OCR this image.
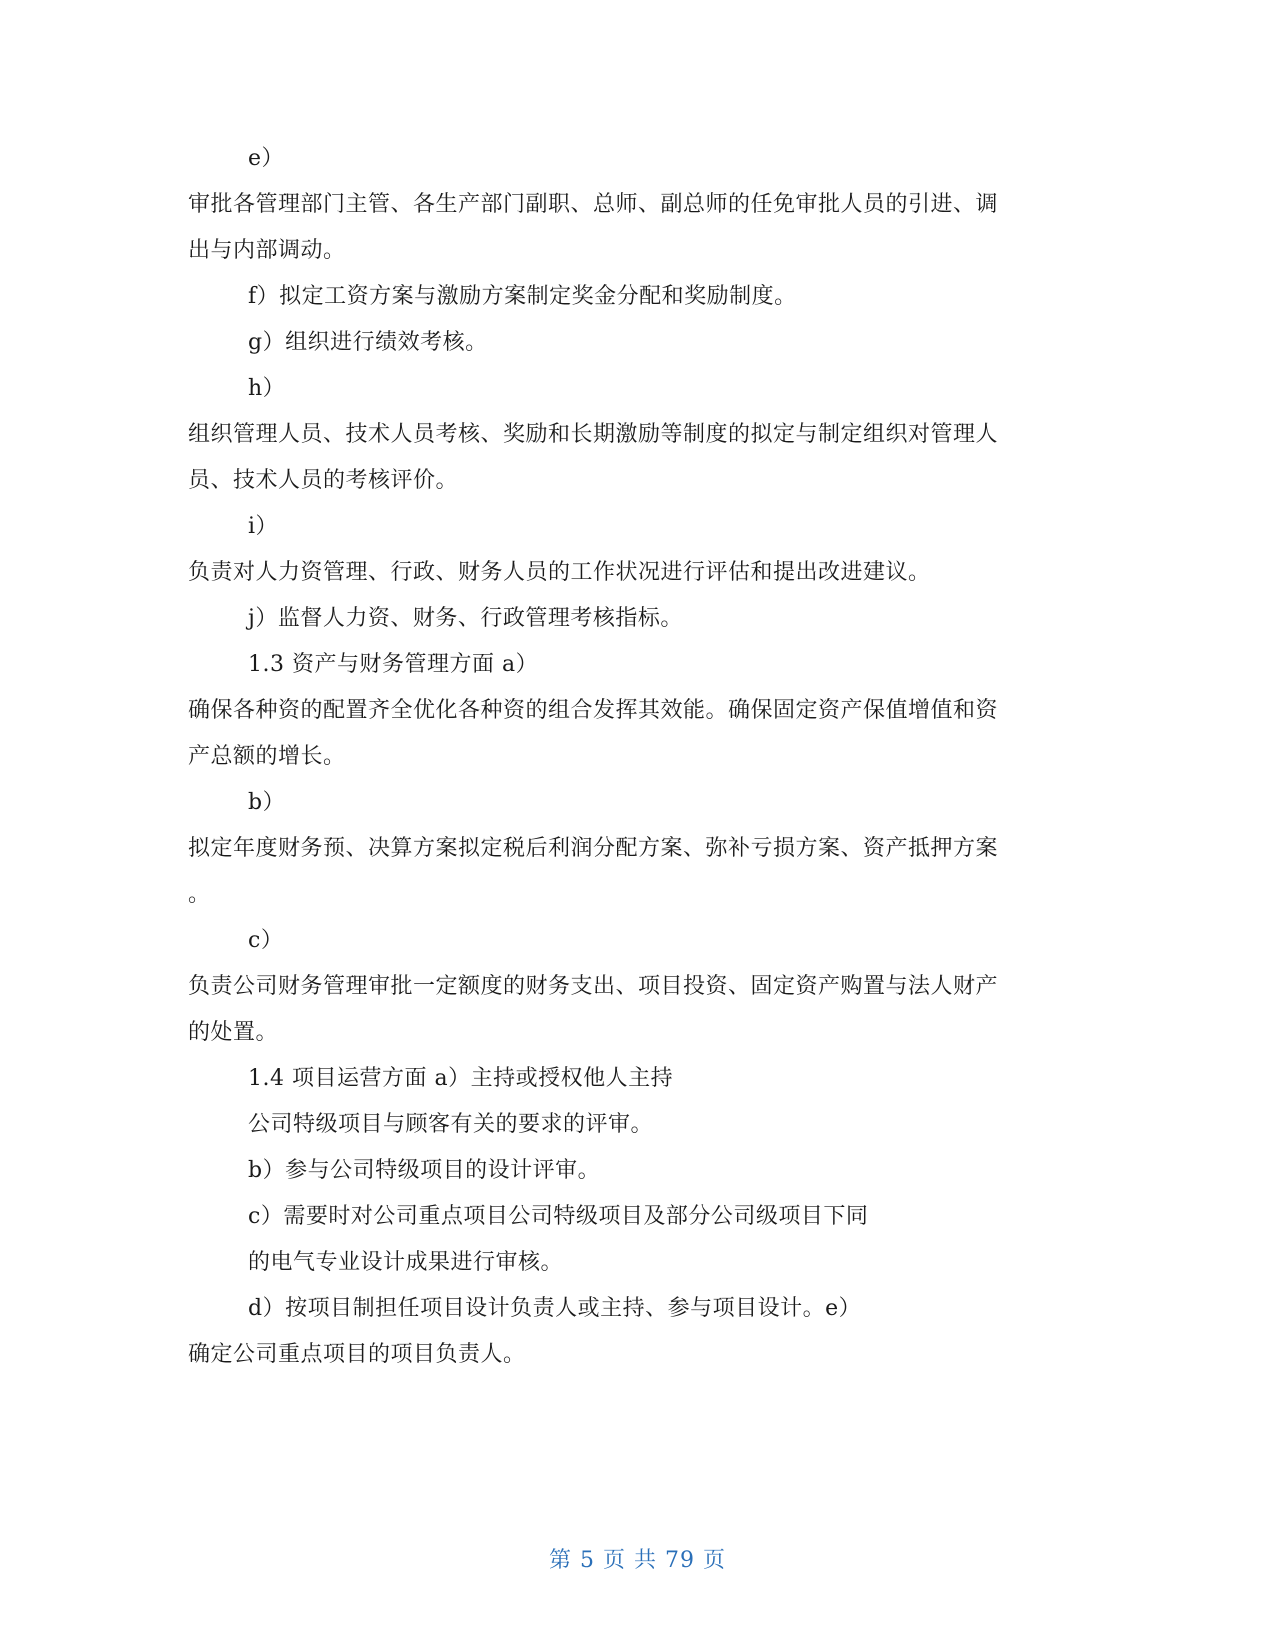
e）
审批各管理部门主管、各生产部门副职、总师、副总师的任免审批人员的引进、调
出与内部调动。
f）拟定工资方案与激励方案制定奖金分配和奖励制度。
g）组织进行绩效考核。
h）
组织管理人员、技术人员考核、奖励和长期激励等制度的拟定与制定组织对管理人
员、技术人员的考核评价。
i）
负责对人力资管理、行政、财务人员的工作状况进行评估和提出改进建议。
j）监督人力资、财务、行政管理考核指标。
1.3 资产与财务管理方面 a）
确保各种资的配置齐全优化各种资的组合发挥其效能。确保固定资产保值增值和资
产总额的增长。
b）
拟定年度财务预、决算方案拟定税后利润分配方案、弥补亏损方案、资产抵押方案
。
c）
负责公司财务管理审批一定额度的财务支出、项目投资、固定资产购置与法人财产
的处置。
1.4 项目运营方面 a）主持或授权他人主持
公司特级项目与顾客有关的要求的评审。
b）参与公司特级项目的设计评审。
c）需要时对公司重点项目公司特级项目及部分公司级项目下同
的电气专业设计成果进行审核。
d）按项目制担任项目设计负责人或主持、参与项目设计。e）
确定公司重点项目的项目负责人。
第 5 页 共 79 页
